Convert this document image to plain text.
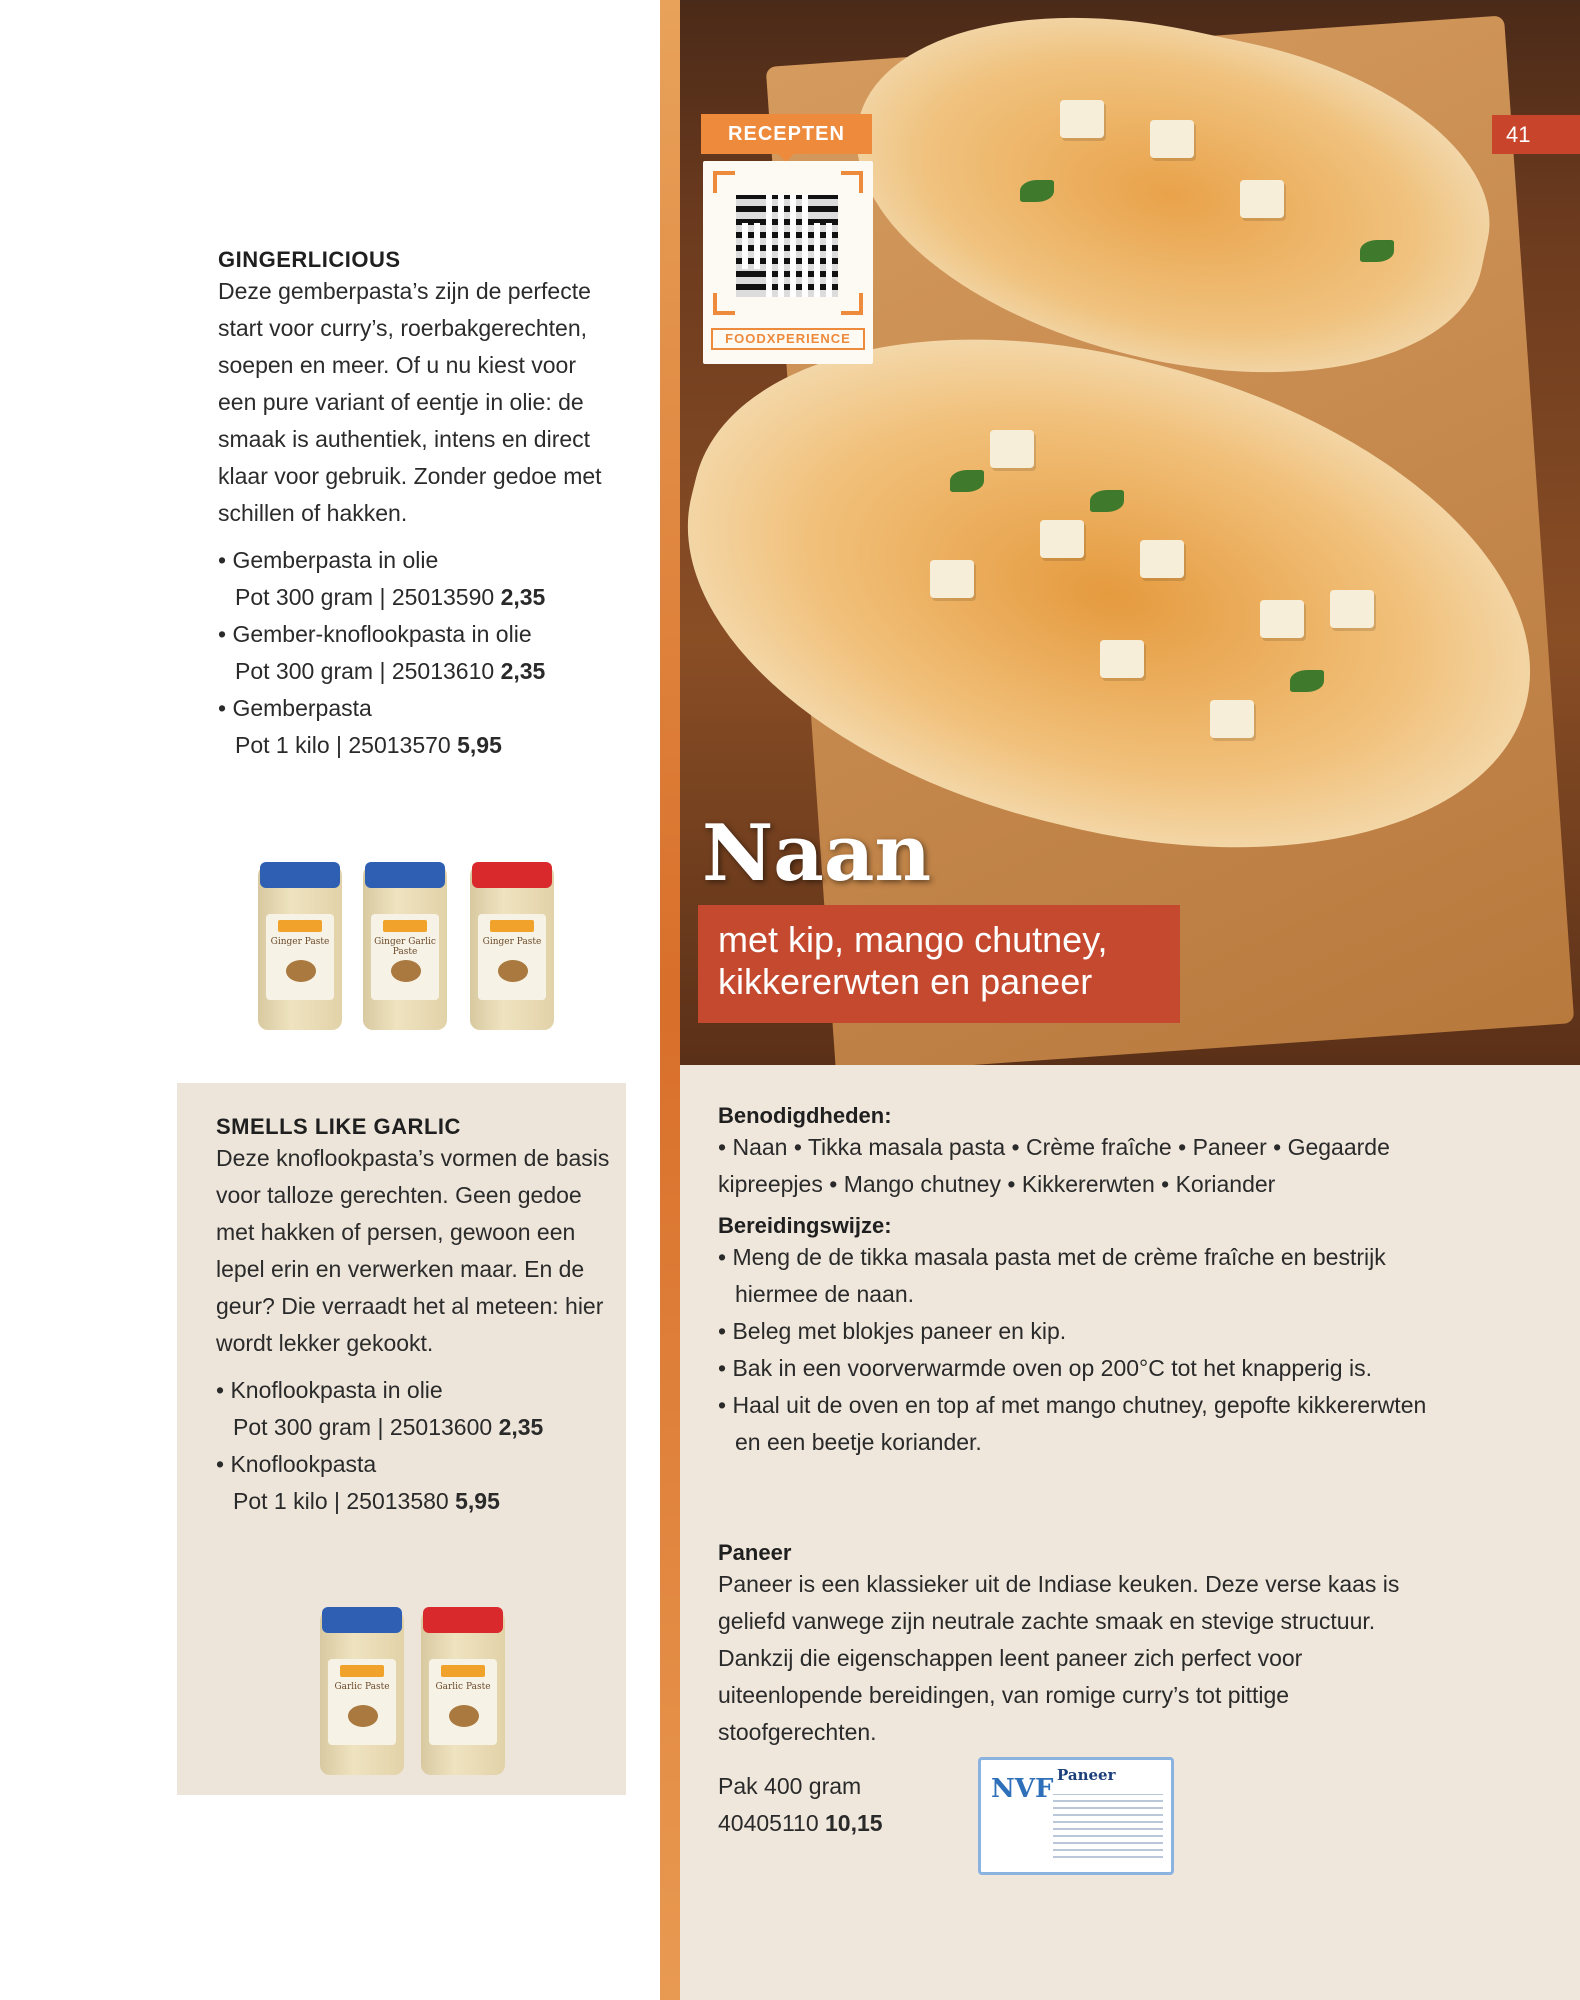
GINGERLICIOUS

Deze gemberpasta’s zijn de perfecte start voor curry’s, roerbakgerechten, soepen en meer. Of u nu kiest voor een pure variant of eentje in olie: de smaak is authentiek, intens en direct klaar voor gebruik. Zonder gedoe met schillen of hakken.

• Gemberpasta in olie
Pot 300 gram | 25013590 2,35
• Gember-knoflookpasta in olie
Pot 300 gram | 25013610 2,35
• Gemberpasta
Pot 1 kilo | 25013570 5,95
Ginger Paste	Ginger Garlic Paste
Ginger Paste
SMELLS LIKE GARLIC

Deze knoflookpasta’s vormen de basis voor talloze gerechten. Geen gedoe met hakken of persen, gewoon een lepel erin en verwerken maar. En de geur? Die verraadt het al meteen: hier wordt lekker gekookt.

• Knoflookpasta in olie
Pot 300 gram | 25013600 2,35
• Knoflookpasta
Pot 1 kilo | 25013580 5,95
Garlic Paste	Garlic Paste
RECEPTEN
FOODXPERIENCE
41
Naan
met kip, mango chutney, kikkererwten en paneer
Benodigdheden:

• Naan • Tikka masala pasta • Crème fraîche • Paneer • Gegaarde kipreepjes • Mango chutney • Kikkererwten • Koriander

Bereidingswijze:
• Meng de de tikka masala pasta met de crème fraîche en bestrijk hiermee de naan.
• Beleg met blokjes paneer en kip.
• Bak in een voorverwarmde oven op 200°C tot het knapperig is.
• Haal uit de oven en top af met mango chutney, gepofte kikkererwten en een beetje koriander.
Paneer

Paneer is een klassieker uit de Indiase keuken. Deze verse kaas is geliefd vanwege zijn neutrale zachte smaak en stevige structuur. Dankzij die eigenschappen leent paneer zich perfect voor uiteenlopende bereidingen, van romige curry’s tot pittige stoofgerechten.

Pak 400 gram
40405110 10,15
NVF Paneer
